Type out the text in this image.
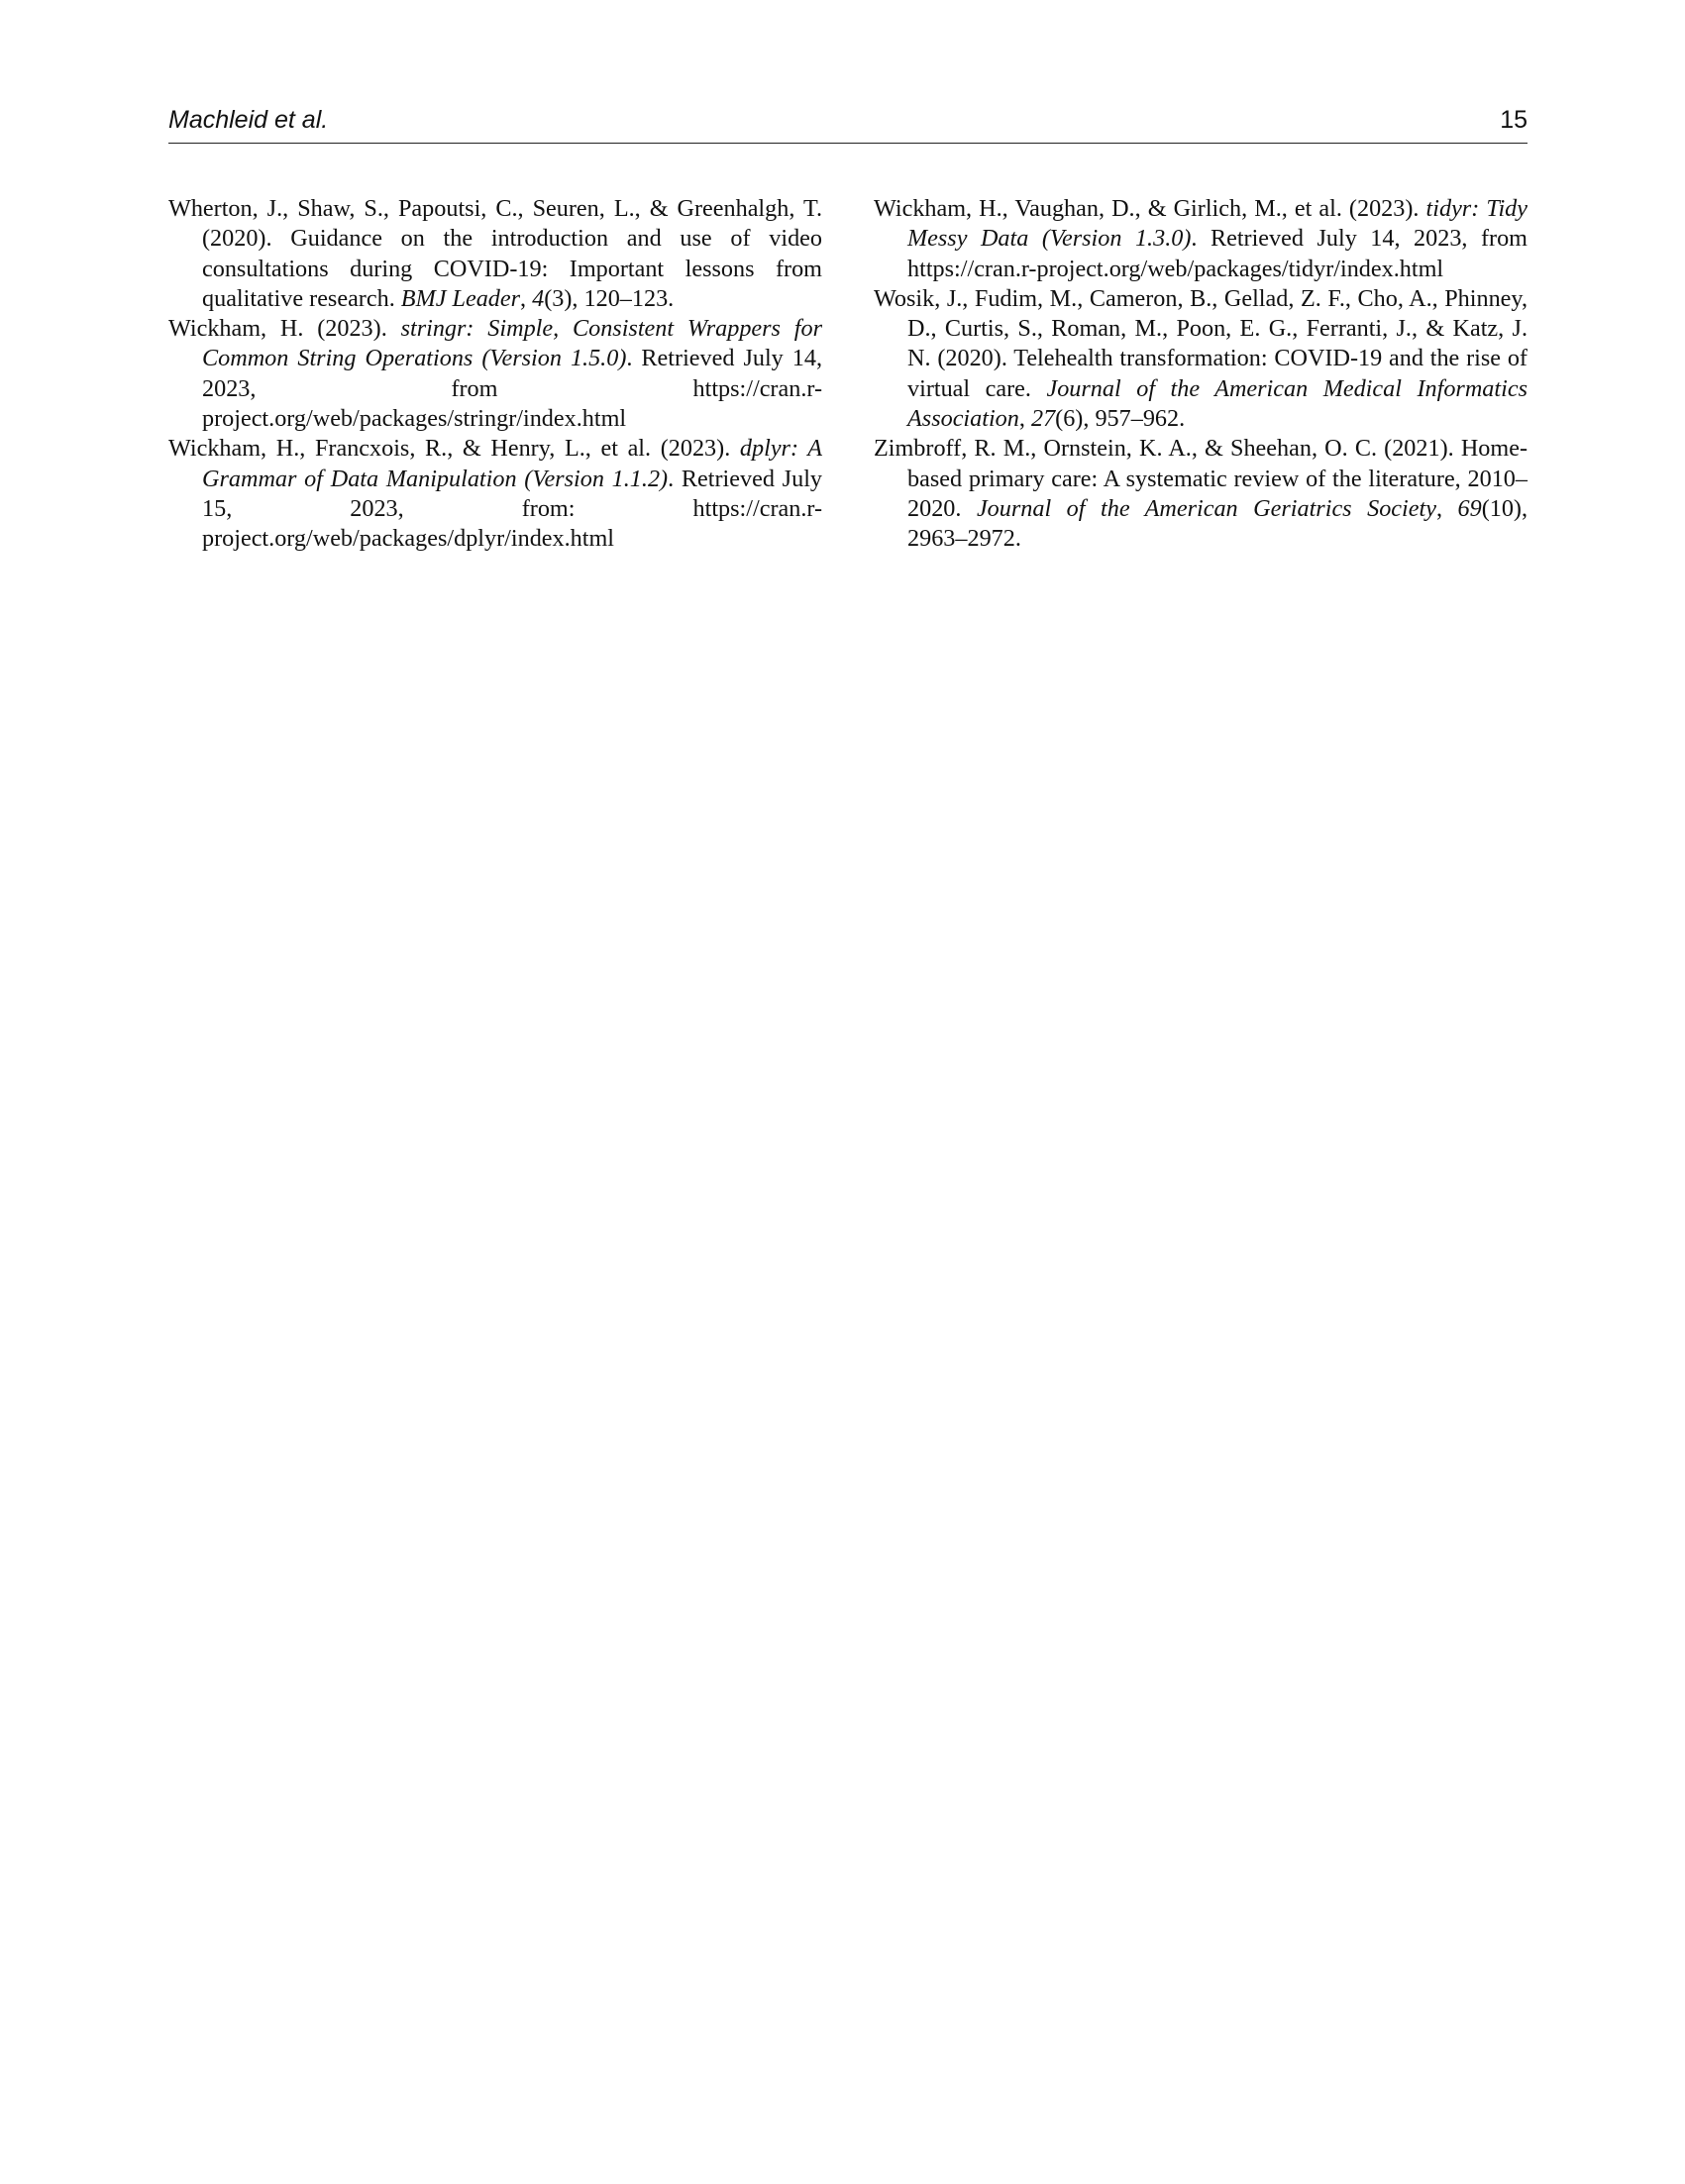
Machleid et al.	15

Wherton, J., Shaw, S., Papoutsi, C., Seuren, L., & Greenhalgh, T. (2020). Guidance on the introduction and use of video consultations during COVID-19: Important lessons from qualitative research. BMJ Leader, 4(3), 120–123.

Wickham, H. (2023). stringr: Simple, Consistent Wrappers for Common String Operations (Version 1.5.0). Retrieved July 14, 2023, from https://cran.r-project.org/web/packages/stringr/index.html

Wickham, H., Francxois, R., & Henry, L., et al. (2023). dplyr: A Grammar of Data Manipulation (Version 1.1.2). Retrieved July 15, 2023, from: https://cran.r-project.org/web/packages/dplyr/index.html

Wickham, H., Vaughan, D., & Girlich, M., et al. (2023). tidyr: Tidy Messy Data (Version 1.3.0). Retrieved July 14, 2023, from https://cran.r-project.org/web/packages/tidyr/index.html

Wosik, J., Fudim, M., Cameron, B., Gellad, Z. F., Cho, A., Phinney, D., Curtis, S., Roman, M., Poon, E. G., Ferranti, J., & Katz, J. N. (2020). Telehealth transformation: COVID-19 and the rise of virtual care. Journal of the American Medical Informatics Association, 27(6), 957–962.

Zimbroff, R. M., Ornstein, K. A., & Sheehan, O. C. (2021). Home-based primary care: A systematic review of the literature, 2010–2020. Journal of the American Geriatrics Society, 69(10), 2963–2972.
